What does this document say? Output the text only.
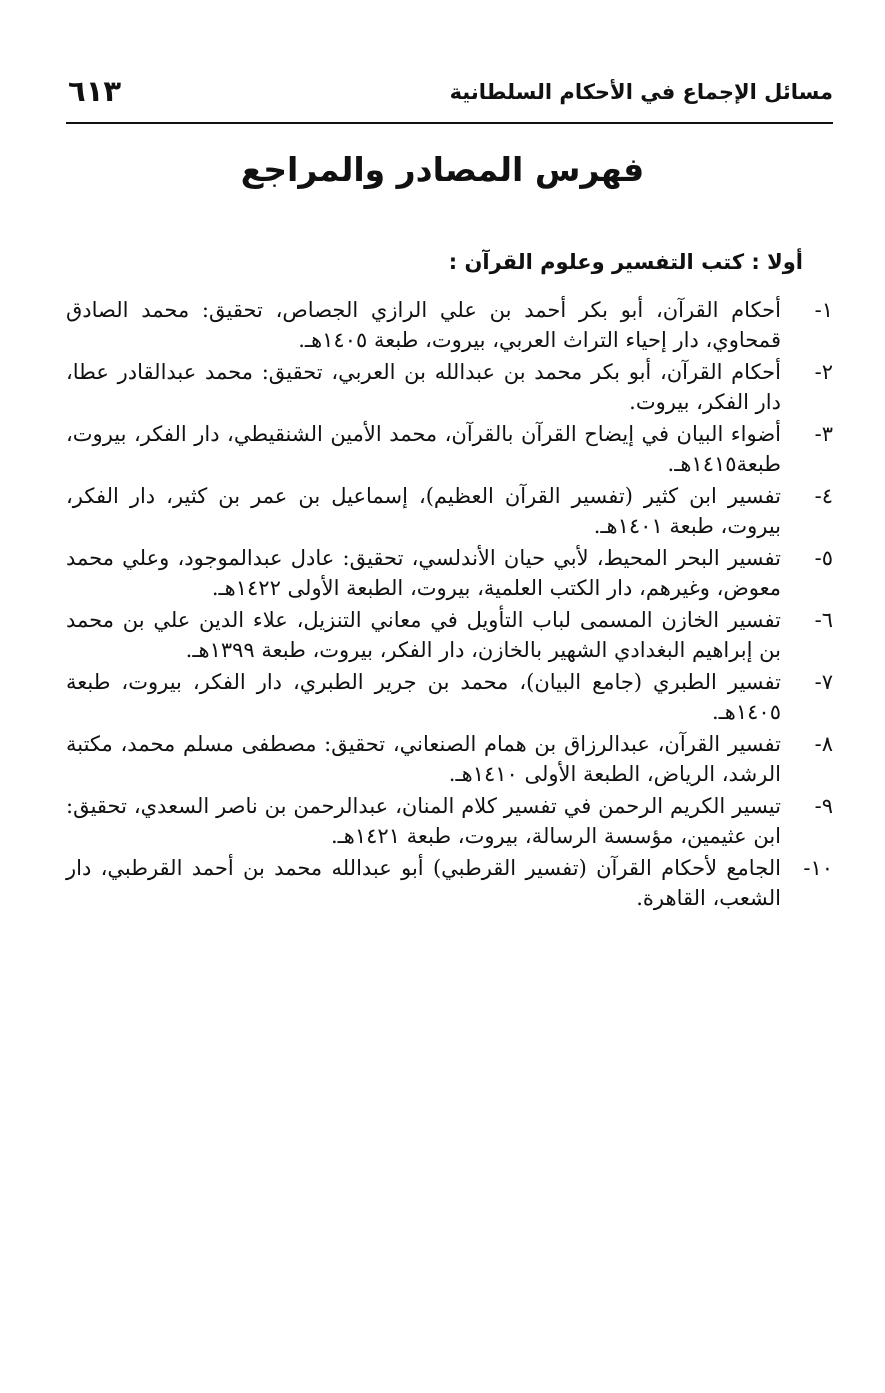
مسائل الإجماع في الأحكام السلطانية
٦١٣
فهرس المصادر والمراجع
أولا : كتب التفسير وعلوم القرآن :
١-
أحكام القرآن، أبو بكر أحمد بن علي الرازي الجصاص، تحقيق: محمد الصادق قمحاوي، دار إحياء التراث العربي، بيروت، طبعة ١٤٠٥هـ.
٢-
أحكام القرآن، أبو بكر محمد بن عبدالله بن العربي، تحقيق: محمد عبدالقادر عطا، دار الفكر، بيروت.
٣-
أضواء البيان في إيضاح القرآن بالقرآن، محمد الأمين الشنقيطي، دار الفكر، بيروت، طبعة١٤١٥هـ.
٤-
تفسير ابن كثير (تفسير القرآن العظيم)، إسماعيل بن عمر بن كثير، دار الفكر، بيروت، طبعة ١٤٠١هـ.
٥-
تفسير البحر المحيط، لأبي حيان الأندلسي، تحقيق: عادل عبدالموجود، وعلي محمد معوض، وغيرهم، دار الكتب العلمية، بيروت، الطبعة الأولى ١٤٢٢هـ.
٦-
تفسير الخازن المسمى لباب التأويل في معاني التنزيل، علاء الدين علي بن محمد بن إبراهيم البغدادي الشهير بالخازن، دار الفكر، بيروت، طبعة ١٣٩٩هـ.
٧-
تفسير الطبري (جامع البيان)، محمد بن جرير الطبري، دار الفكر، بيروت، طبعة ١٤٠٥هـ.
٨-
تفسير القرآن، عبدالرزاق بن همام الصنعاني، تحقيق: مصطفى مسلم محمد، مكتبة الرشد، الرياض، الطبعة الأولى ١٤١٠هـ.
٩-
تيسير الكريم الرحمن في تفسير كلام المنان، عبدالرحمن بن ناصر السعدي، تحقيق: ابن عثيمين، مؤسسة الرسالة، بيروت، طبعة ١٤٢١هـ.
١٠-
الجامع لأحكام القرآن (تفسير القرطبي) أبو عبدالله محمد بن أحمد القرطبي، دار الشعب، القاهرة.
